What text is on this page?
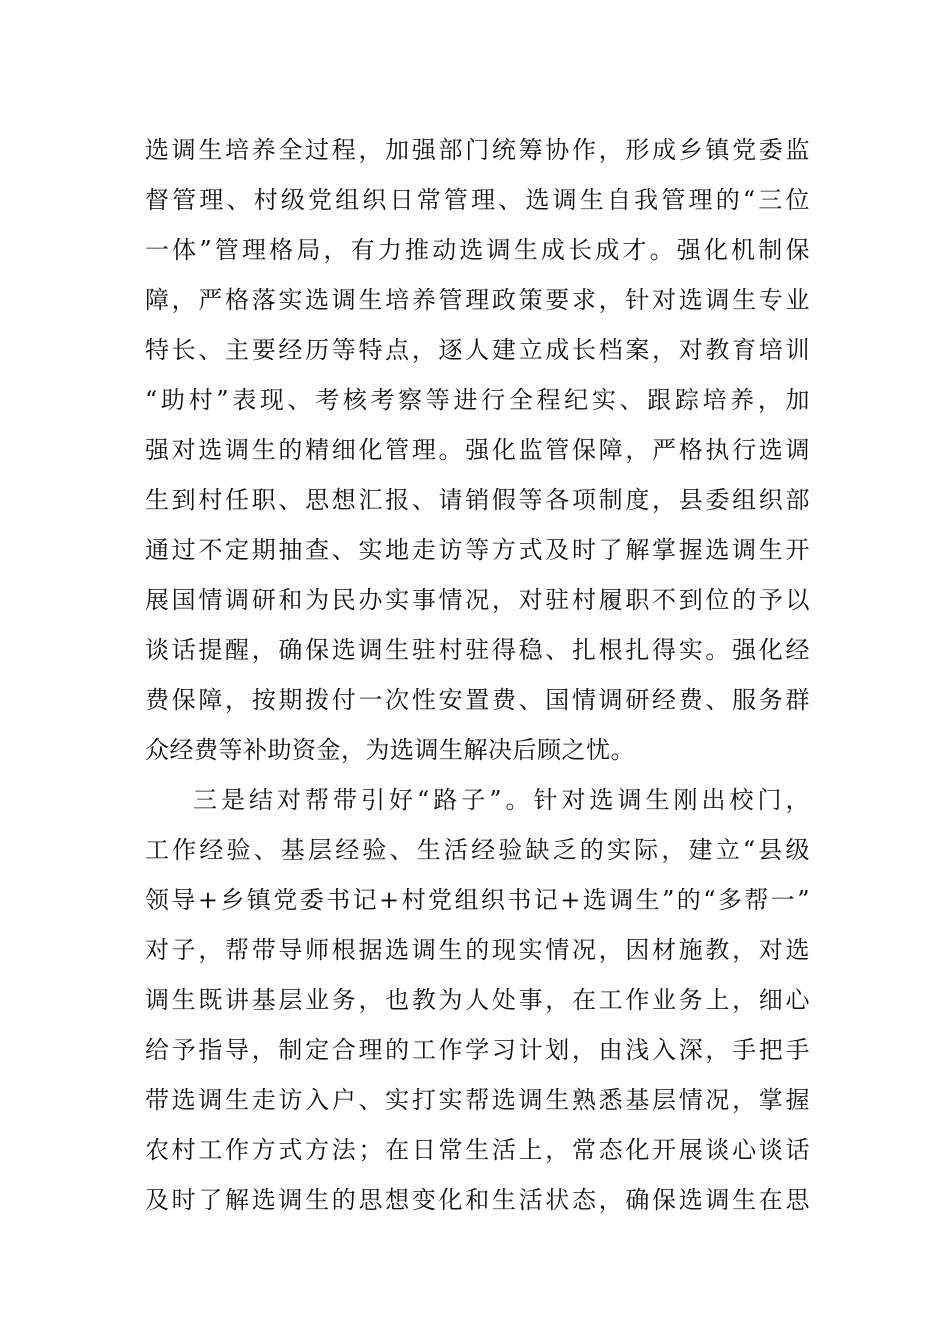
选调生培养全过程，加强部门统筹协作，形成乡镇党委监
督管理、村级党组织日常管理、选调生自我管理的“三位
一体”管理格局，有力推动选调生成长成才。强化机制保
障，严格落实选调生培养管理政策要求，针对选调生专业
特长、主要经历等特点，逐人建立成长档案，对教育培训
“助村”表现、考核考察等进行全程纪实、跟踪培养，加
强对选调生的精细化管理。强化监管保障，严格执行选调
生到村任职、思想汇报、请销假等各项制度，县委组织部
通过不定期抽查、实地走访等方式及时了解掌握选调生开
展国情调研和为民办实事情况，对驻村履职不到位的予以
谈话提醒，确保选调生驻村驻得稳、扎根扎得实。强化经
费保障，按期拨付一次性安置费、国情调研经费、服务群
众经费等补助资金，为选调生解决后顾之忧。
三是结对帮带引好“路子”。针对选调生刚出校门，
工作经验、基层经验、生活经验缺乏的实际，建立“县级
领导+乡镇党委书记+村党组织书记+选调生”的“多帮一”
对子，帮带导师根据选调生的现实情况，因材施教，对选
调生既讲基层业务，也教为人处事，在工作业务上，细心
给予指导，制定合理的工作学习计划，由浅入深，手把手
带选调生走访入户、实打实帮选调生熟悉基层情况，掌握
农村工作方式方法；在日常生活上，常态化开展谈心谈话
及时了解选调生的思想变化和生活状态，确保选调生在思
